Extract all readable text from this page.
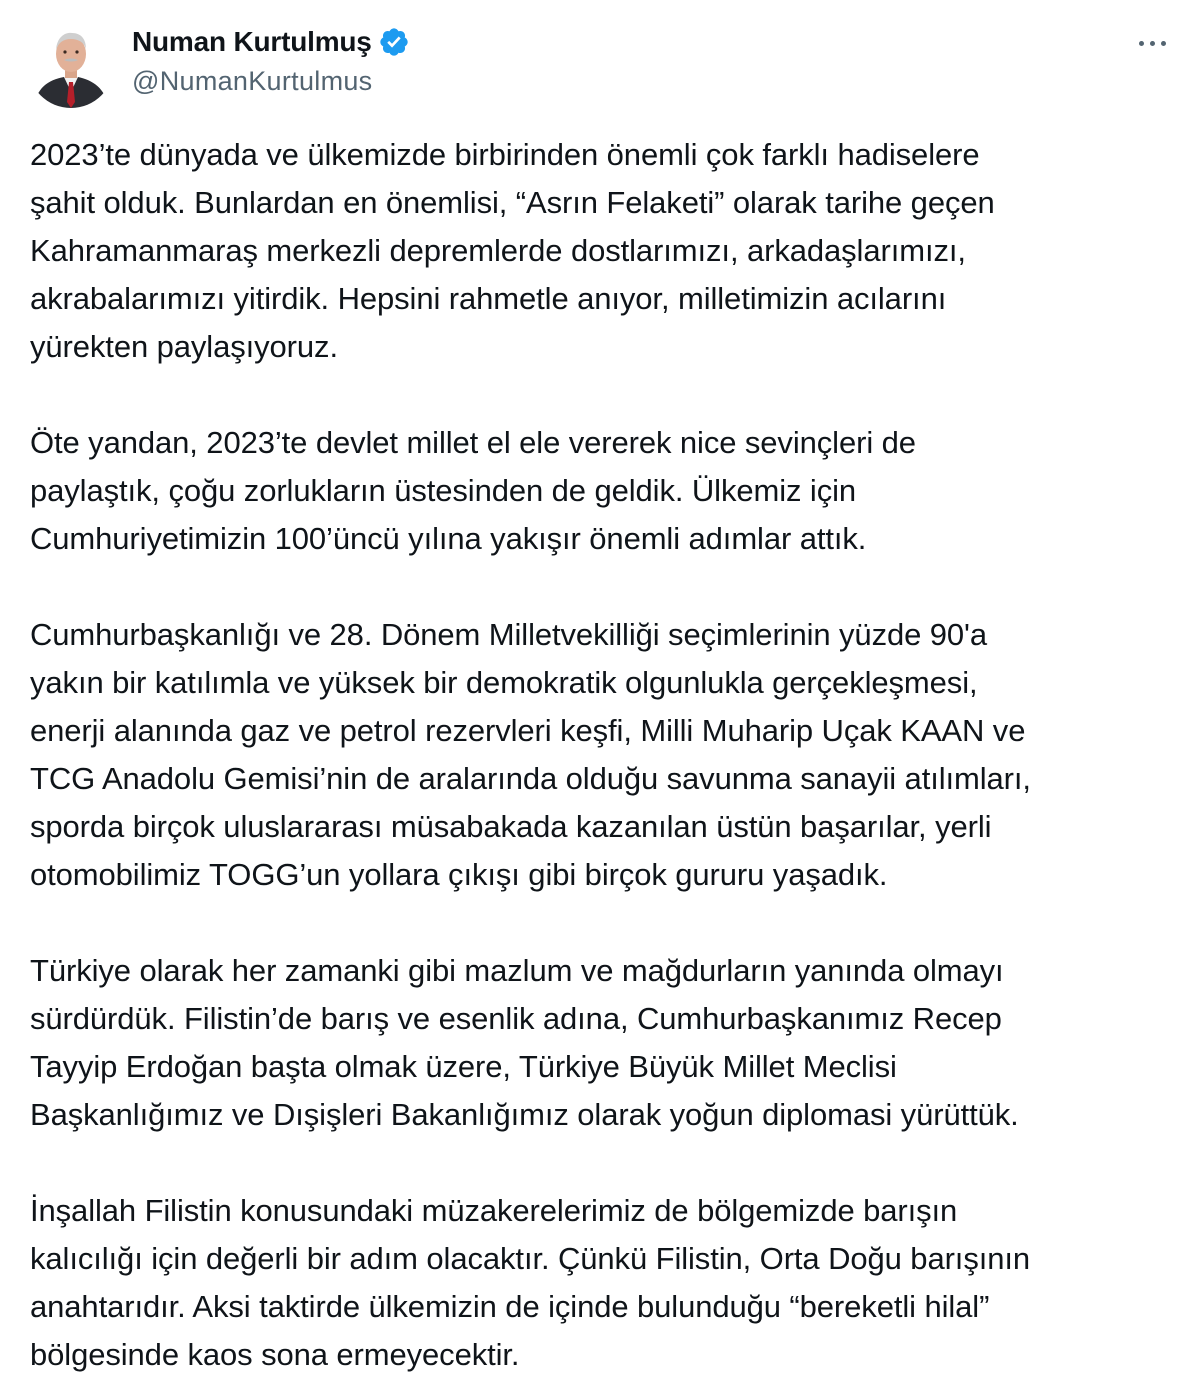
Numan Kurtulmuş
@NumanKurtulmus

2023’te dünyada ve ülkemizde birbirinden önemli çok farklı hadiselere
şahit olduk. Bunlardan en önemlisi, “Asrın Felaketi” olarak tarihe geçen
Kahramanmaraş merkezli depremlerde dostlarımızı, arkadaşlarımızı,
akrabalarımızı yitirdik. Hepsini rahmetle anıyor, milletimizin acılarını
yürekten paylaşıyoruz.

Öte yandan, 2023’te devlet millet el ele vererek nice sevinçleri de
paylaştık, çoğu zorlukların üstesinden de geldik. Ülkemiz için
Cumhuriyetimizin 100’üncü yılına yakışır önemli adımlar attık.

Cumhurbaşkanlığı ve 28. Dönem Milletvekilliği seçimlerinin yüzde 90'a
yakın bir katılımla ve yüksek bir demokratik olgunlukla gerçekleşmesi,
enerji alanında gaz ve petrol rezervleri keşfi, Milli Muharip Uçak KAAN ve
TCG Anadolu Gemisi’nin de aralarında olduğu savunma sanayii atılımları,
sporda birçok uluslararası müsabakada kazanılan üstün başarılar, yerli
otomobilimiz TOGG’un yollara çıkışı gibi birçok gururu yaşadık.

Türkiye olarak her zamanki gibi mazlum ve mağdurların yanında olmayı
sürdürdük. Filistin’de barış ve esenlik adına, Cumhurbaşkanımız Recep
Tayyip Erdoğan başta olmak üzere, Türkiye Büyük Millet Meclisi
Başkanlığımız ve Dışişleri Bakanlığımız olarak yoğun diplomasi yürüttük.

İnşallah Filistin konusundaki müzakerelerimiz de bölgemizde barışın
kalıcılığı için değerli bir adım olacaktır. Çünkü Filistin, Orta Doğu barışının
anahtarıdır. Aksi taktirde ülkemizin de içinde bulunduğu “bereketli hilal”
bölgesinde kaos sona ermeyecektir.
